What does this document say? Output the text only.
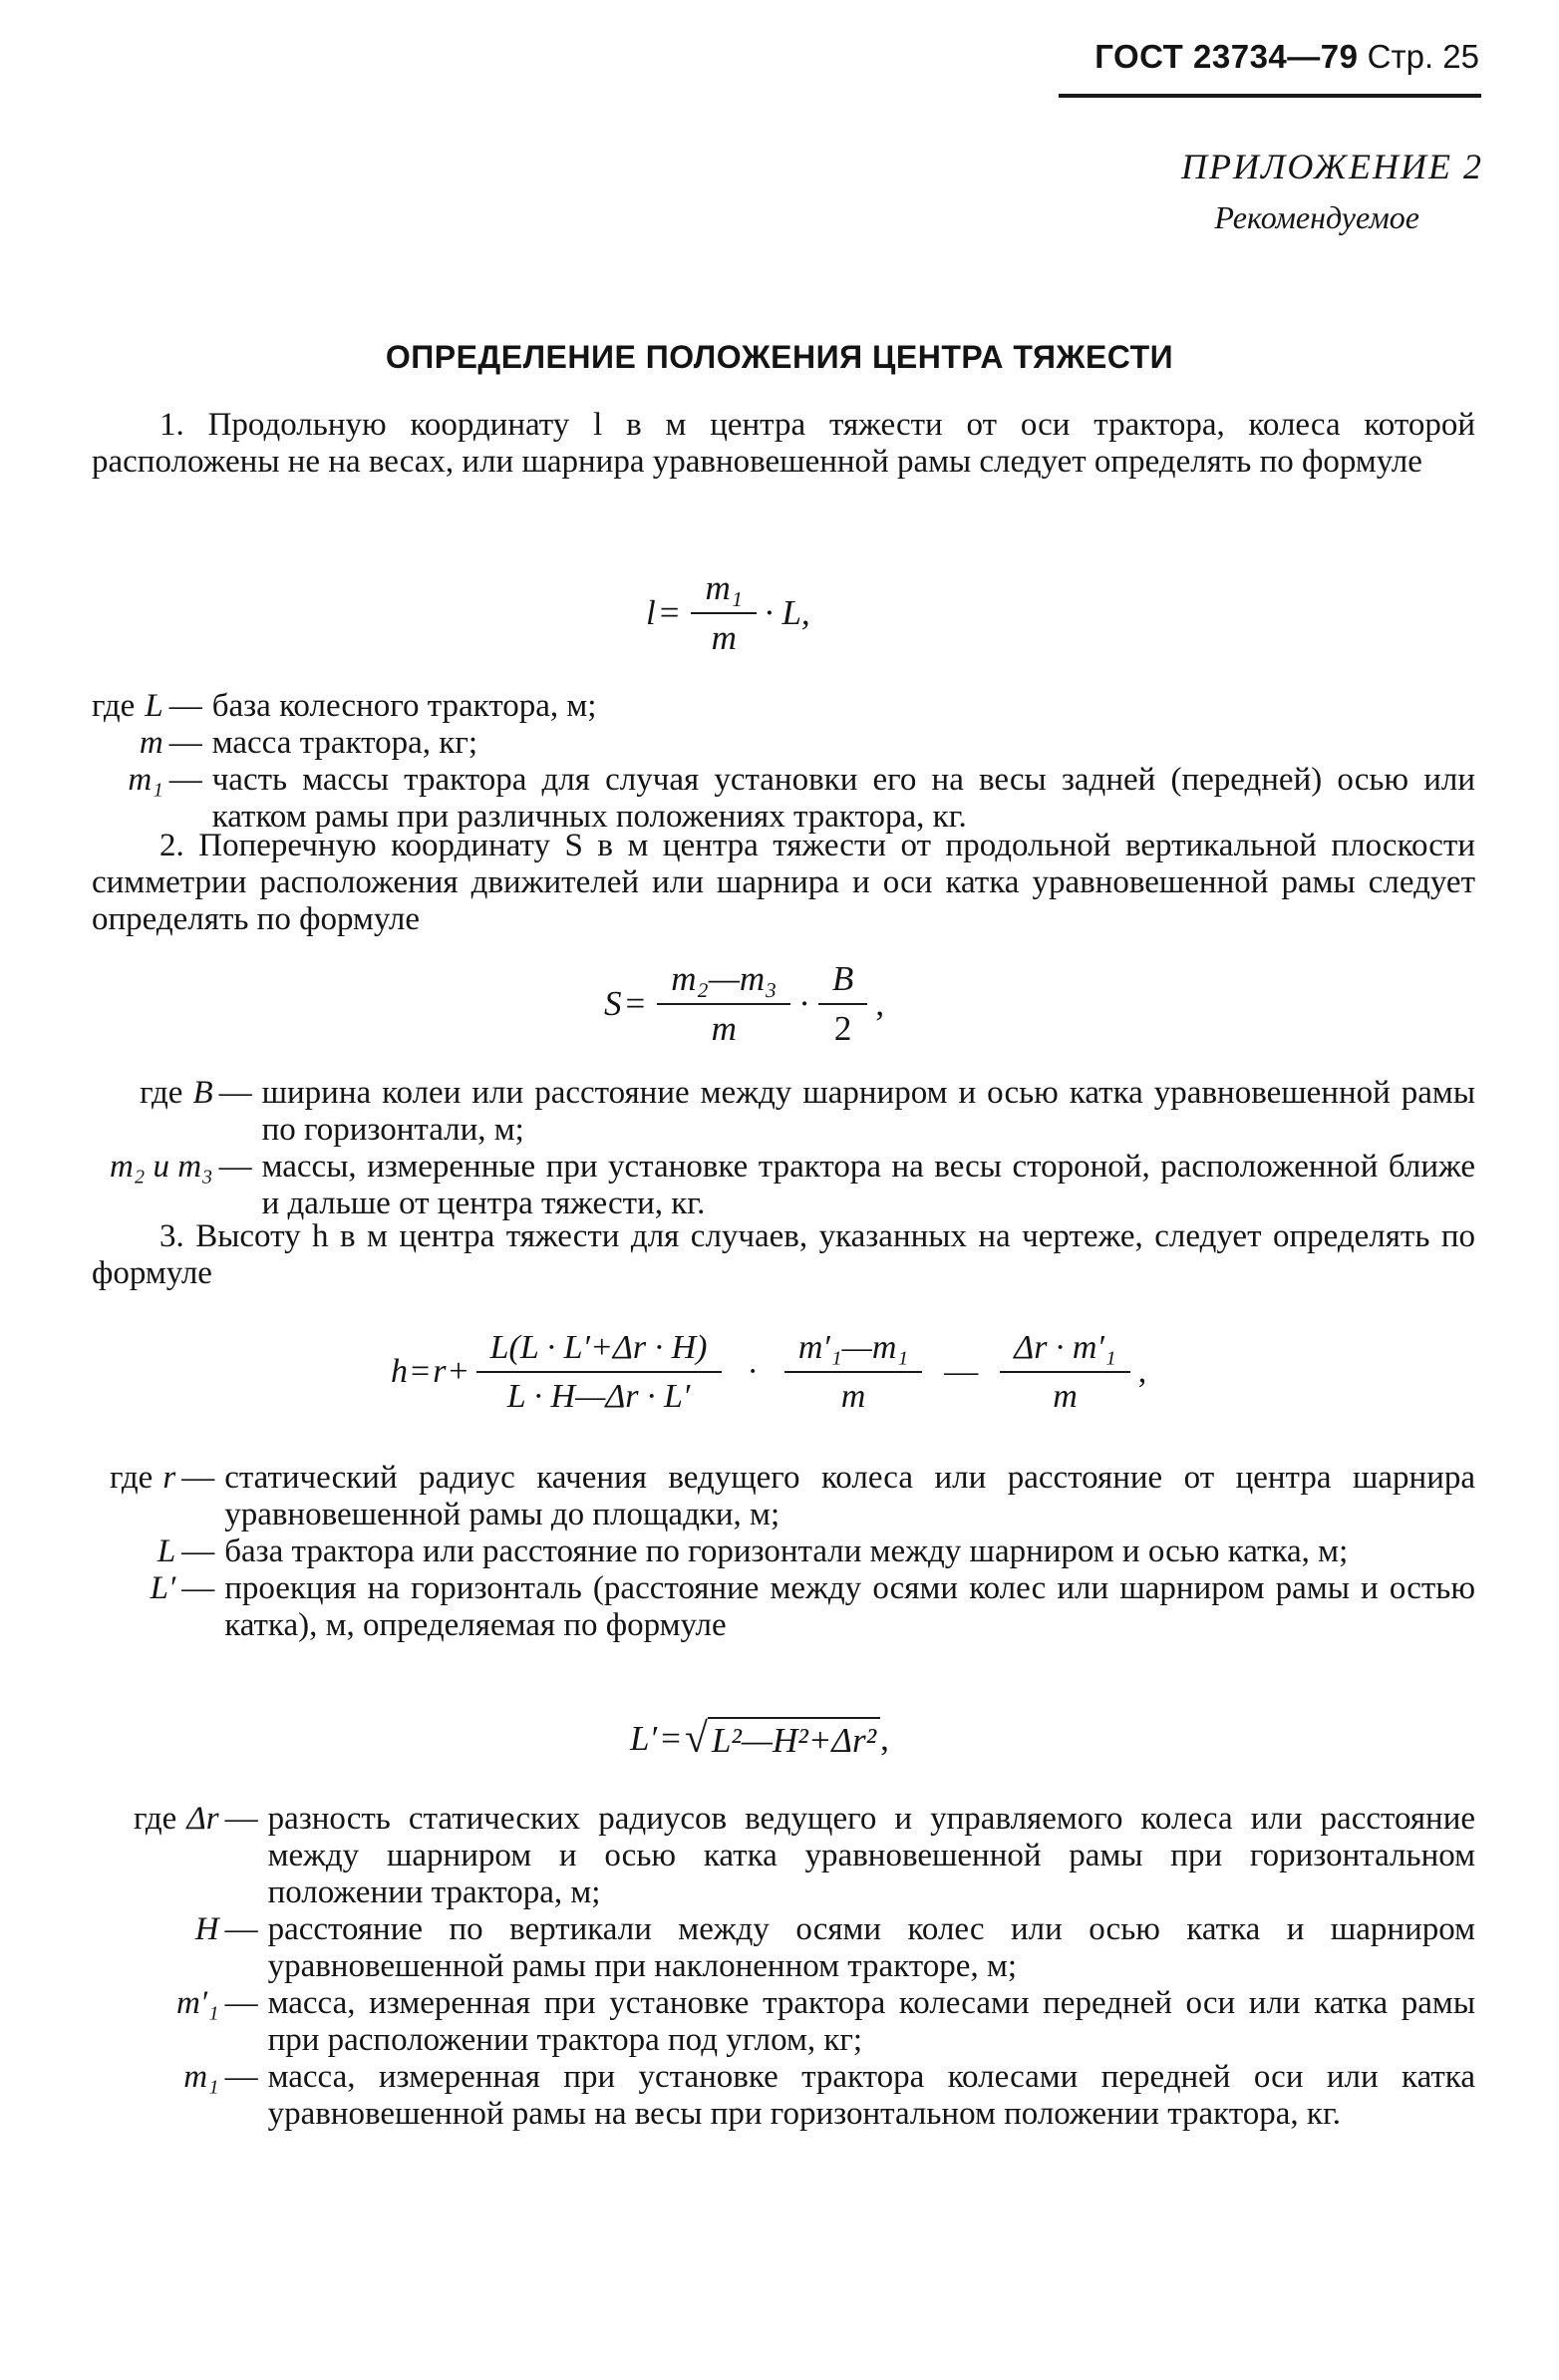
ГОСТ 23734—79 Стр. 25
ПРИЛОЖЕНИЕ 2
Рекомендуемое
ОПРЕДЕЛЕНИЕ ПОЛОЖЕНИЯ ЦЕНТРА ТЯЖЕСТИ
1. Продольную координату l в м центра тяжести от оси трактора, колеса которой расположены не на весах, или шарнира уравновешенной рамы следует определять по формуле
$l = \frac{\text{m₁}}{m} \cdot L$,
где L	—	база колесного трактора, м;
m	—	масса трактора, кг;
m₁	—	часть массы трактора для случая установки его на весы задней (передней) осью или катком рамы при различных положениях трактора, кг.
2. Поперечную координату S в м центра тяжести от продольной вертикальной плоскости симметрии расположения движителей или шарнира и оси катка уравновешенной рамы следует определять по формуле
$S = \frac{\text{m₂—m₃}}{m} \cdot \frac{B}{2}$ ,
где B	—	ширина колеи или расстояние между шарниром и осью катка уравновешенной рамы по горизонтали, м;
m₂ и m₃	—	массы, измеренные при установке трактора на весы стороной, расположенной ближе и дальше от центра тяжести, кг.
3. Высоту h в м центра тяжести для случаев, указанных на чертеже, следует определять по формуле
$h = r + \frac{L(L \cdot L'+\Delta r \cdot H)}{L \cdot H—\Delta r \cdot L'} \cdot \frac{\text{m′₁—m₁}}{m}$ — $\frac{\text{Δr · m′₁}}{m}$ ,
где r	—	статический радиус качения ведущего колеса или расстояние от центра шарнира уравновешенной рамы до площадки, м;
L	—	база трактора или расстояние по горизонтали между шарниром и осью катка, м;
L′	—	проекция на горизонталь (расстояние между осями колес или шарниром рамы и остью катка), м, определяемая по формуле
L′ = √ L²—H²+Δr² ,
где Δr	—	разность статических радиусов ведущего и управляемого колеса или расстояние между шарниром и осью катка уравновешенной рамы при горизонтальном положении трактора, м;
H	—	расстояние по вертикали между осями колес или осью катка и шарниром уравновешенной рамы при наклоненном тракторе, м;
m′₁	—	масса, измеренная при установке трактора колесами передней оси или катка рамы при расположении трактора под углом, кг;
m₁	—	масса, измеренная при установке трактора колесами передней оси или катка уравновешенной рамы на весы при горизонтальном положении трактора, кг.
